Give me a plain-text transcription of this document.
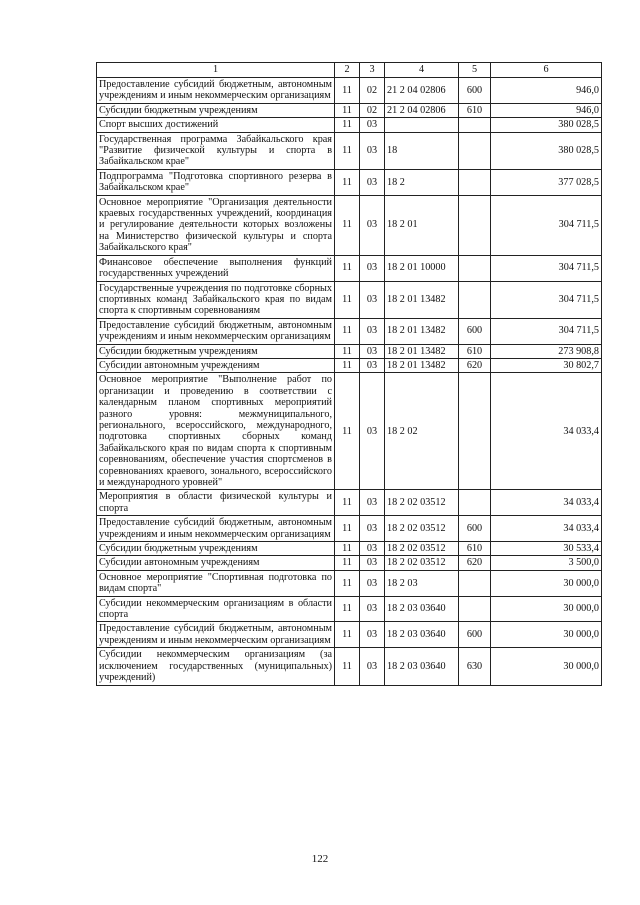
1	2	3	4	5	6
Предоставление субсидий бюджетным, автономным учреждениям и иным некоммерческим организациям	11	02	21 2 04 02806	600	946,0
Субсидии бюджетным учреждениям	11	02	21 2 04 02806	610	946,0
Спорт высших достижений	11	03			380 028,5
Государственная программа Забайкальского края "Развитие физической культуры и спорта в Забайкальском крае"	11	03	18		380 028,5
Подпрограмма "Подготовка спортивного резерва в Забайкальском крае"	11	03	18 2		377 028,5
Основное мероприятие "Организация деятельности краевых государственных учреждений, координация и регулирование деятельности которых возложены на Министерство физической культуры и спорта Забайкальского края"	11	03	18 2 01		304 711,5
Финансовое обеспечение выполнения функций государственных учреждений	11	03	18 2 01 10000		304 711,5
Государственные учреждения по подготовке сборных спортивных команд Забайкальского края по видам спорта к спортивным соревнованиям	11	03	18 2 01 13482		304 711,5
Предоставление субсидий бюджетным, автономным учреждениям и иным некоммерческим организациям	11	03	18 2 01 13482	600	304 711,5
Субсидии бюджетным учреждениям	11	03	18 2 01 13482	610	273 908,8
Субсидии автономным учреждениям	11	03	18 2 01 13482	620	30 802,7
Основное мероприятие "Выполнение работ по организации и проведению в соответствии с календарным планом спортивных мероприятий разного уровня: межмуниципального, регионального, всероссийского, международного, подготовка спортивных сборных команд Забайкальского края по видам спорта к спортивным соревнованиям, обеспечение участия спортсменов в соревнованиях краевого, зонального, всероссийского и международного уровней"	11	03	18 2 02		34 033,4
Мероприятия в области физической культуры и спорта	11	03	18 2 02 03512		34 033,4
Предоставление субсидий бюджетным, автономным учреждениям и иным некоммерческим организациям	11	03	18 2 02 03512	600	34 033,4
Субсидии бюджетным учреждениям	11	03	18 2 02 03512	610	30 533,4
Субсидии автономным учреждениям	11	03	18 2 02 03512	620	3 500,0
Основное мероприятие "Спортивная подготовка по видам спорта"	11	03	18 2 03		30 000,0
Субсидии некоммерческим организациям в области спорта	11	03	18 2 03 03640		30 000,0
Предоставление субсидий бюджетным, автономным учреждениям и иным некоммерческим организациям	11	03	18 2 03 03640	600	30 000,0
Субсидии некоммерческим организациям (за исключением государственных (муниципальных) учреждений)	11	03	18 2 03 03640	630	30 000,0
122
